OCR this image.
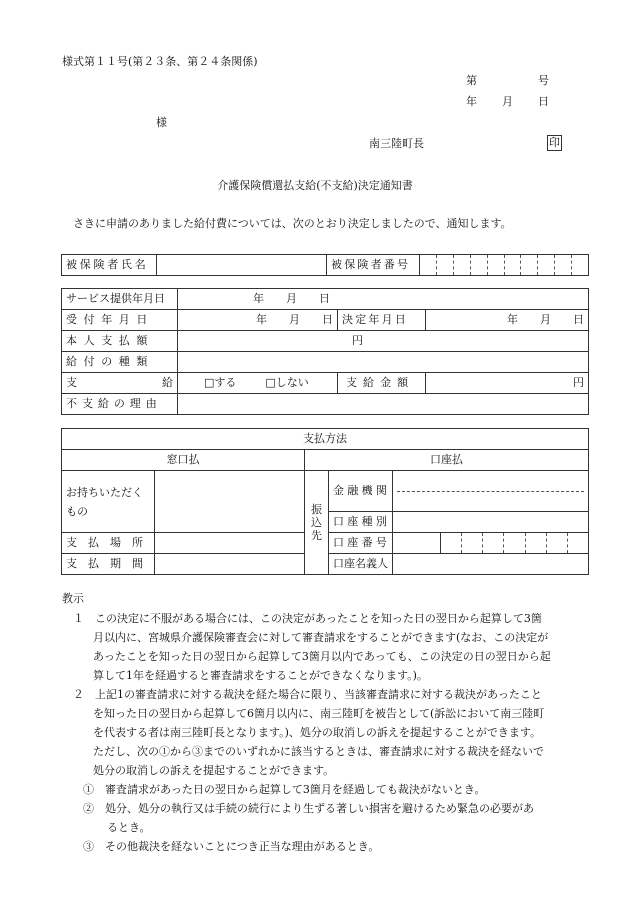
様式第１１号(第２３条、第２４条関係)
第	号
年 月 日
様
南三陸町長	印
介護保険償還払支給(不支給)決定通知書
さきに申請のありました給付費については、次のとおり決定しましたので、通知します。
被保険者氏名		被保険者番号	
サービス提供年月日	年　　月　　日		
受付年月日	年　　月　　日	決定年月日	年　　月　　日
本人支払額	円		
給付の種類			
支 給	□する □しない	支給金額	円
不支給の理由			
支払方法					
窓口払		口座払			
お持ちいただくもの		振込先	金融機関		

			口座種別		
支払場所			口座番号		

支払期間			口座名義人		
教示

１　この決定に不服がある場合には、この決定があったことを知った日の翌日から起算して3箇

月以内に、宮城県介護保険審査会に対して審査請求をすることができます(なお、この決定が

あったことを知った日の翌日から起算して3箇月以内であっても、この決定の日の翌日から起

算して1年を経過すると審査請求をすることができなくなります。)。

２　上記1の審査請求に対する裁決を経た場合に限り、当該審査請求に対する裁決があったこと

を知った日の翌日から起算して6箇月以内に、南三陸町を被告として(訴訟において南三陸町

を代表する者は南三陸町長となります。)、処分の取消しの訴えを提起することができます。

ただし、次の①から③までのいずれかに該当するときは、審査請求に対する裁決を経ないで

処分の取消しの訴えを提起することができます。

①　審査請求があった日の翌日から起算して3箇月を経過しても裁決がないとき。

②　処分、処分の執行又は手続の続行により生ずる著しい損害を避けるため緊急の必要があ

るとき。

③　その他裁決を経ないことにつき正当な理由があるとき。
